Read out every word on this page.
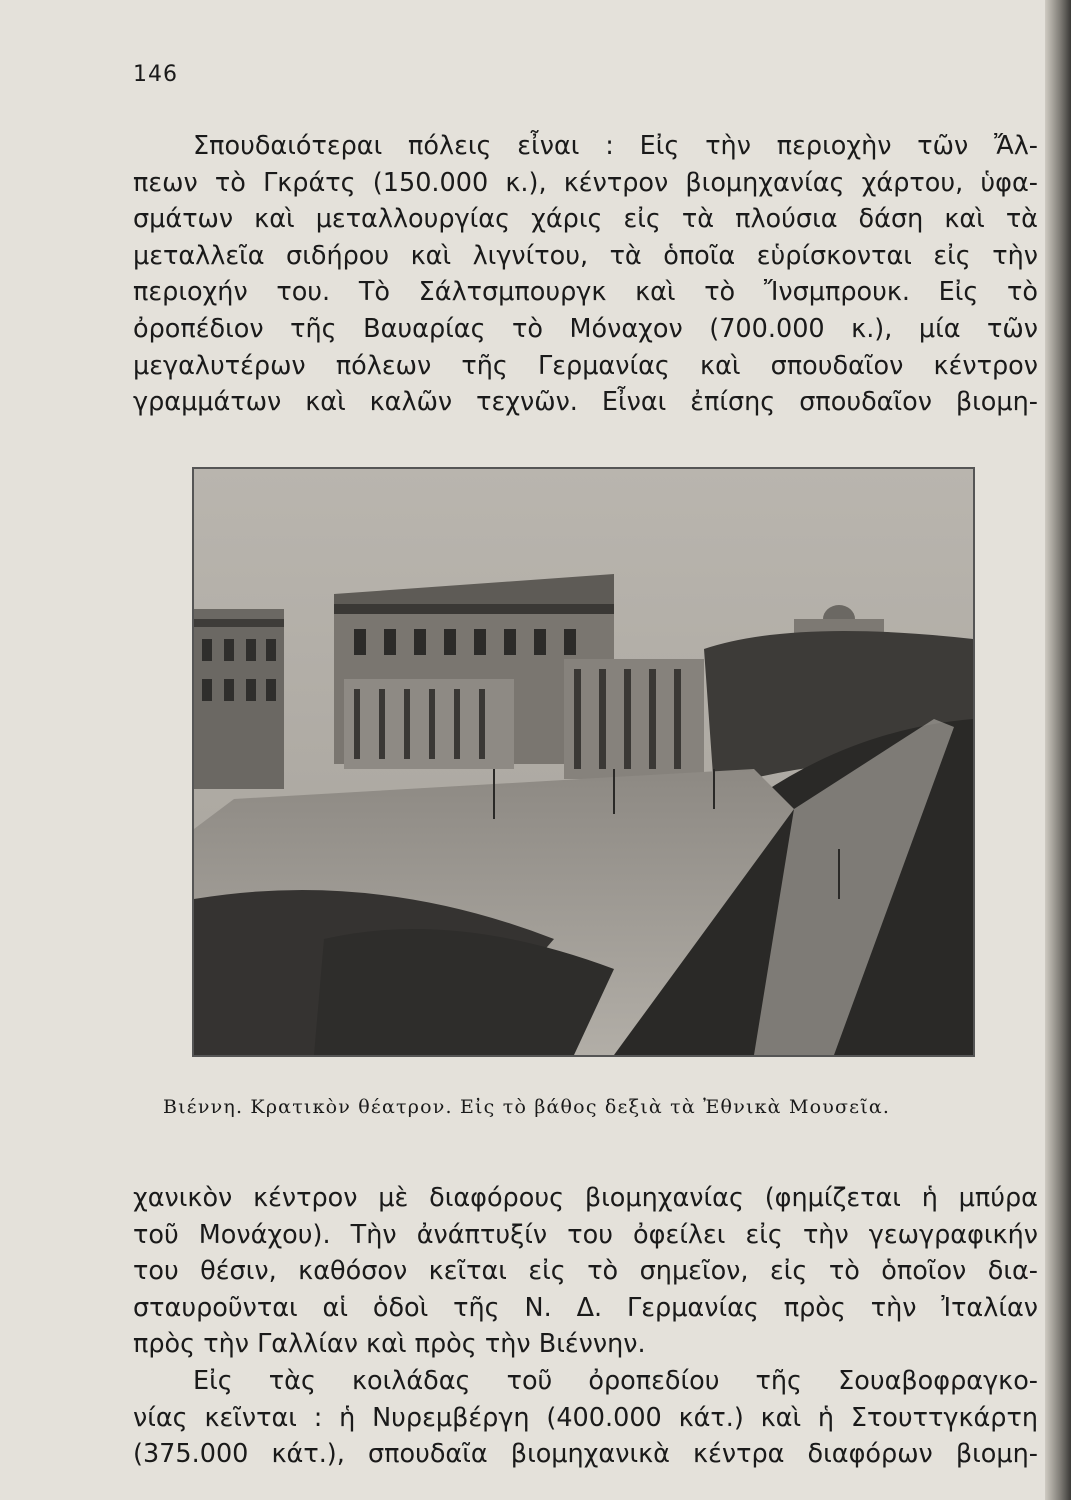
146
Σπουδαιότεραι πόλεις εἶναι : Εἰς τὴν περιοχὴν τῶν Ἄλ-
πεων τὸ Γκράτς (150.000 κ.), κέντρον βιομηχανίας χάρτου, ὑφα-
σμάτων καὶ μεταλλουργίας χάρις εἰς τὰ πλούσια δάση καὶ τὰ
μεταλλεῖα σιδήρου καὶ λιγνίτου, τὰ ὁποῖα εὑρίσκονται εἰς τὴν
περιοχήν του. Τὸ Σάλτσμπουργκ καὶ τὸ Ἴνσμπρουκ. Εἰς τὸ
ὀροπέδιον τῆς Βαυαρίας τὸ Μόναχον (700.000 κ.), μία τῶν
μεγαλυτέρων πόλεων τῆς Γερμανίας καὶ σπουδαῖον κέντρον
γραμμάτων καὶ καλῶν τεχνῶν. Εἶναι ἐπίσης σπουδαῖον βιομη-
Βιέννη. Κρατικὸν θέατρον. Εἰς τὸ βάθος δεξιὰ τὰ Ἐθνικὰ Μουσεῖα.
χανικὸν κέντρον μὲ διαφόρους βιομηχανίας (φημίζεται ἡ μπύρα
τοῦ Μονάχου). Τὴν ἀνάπτυξίν του ὀφείλει εἰς τὴν γεωγραφικήν
του θέσιν, καθόσον κεῖται εἰς τὸ σημεῖον, εἰς τὸ ὁποῖον δια-
σταυροῦνται αἱ ὁδοὶ τῆς Ν. Δ. Γερμανίας πρὸς τὴν Ἰταλίαν
πρὸς τὴν Γαλλίαν καὶ πρὸς τὴν Βιέννην.
Εἰς τὰς κοιλάδας τοῦ ὀροπεδίου τῆς Σουαβοφραγκο-
νίας κεῖνται : ἡ Νυρεμβέργη (400.000 κάτ.) καὶ ἡ Στουττγκάρτη
(375.000 κάτ.), σπουδαῖα βιομηχανικὰ κέντρα διαφόρων βιομη-
